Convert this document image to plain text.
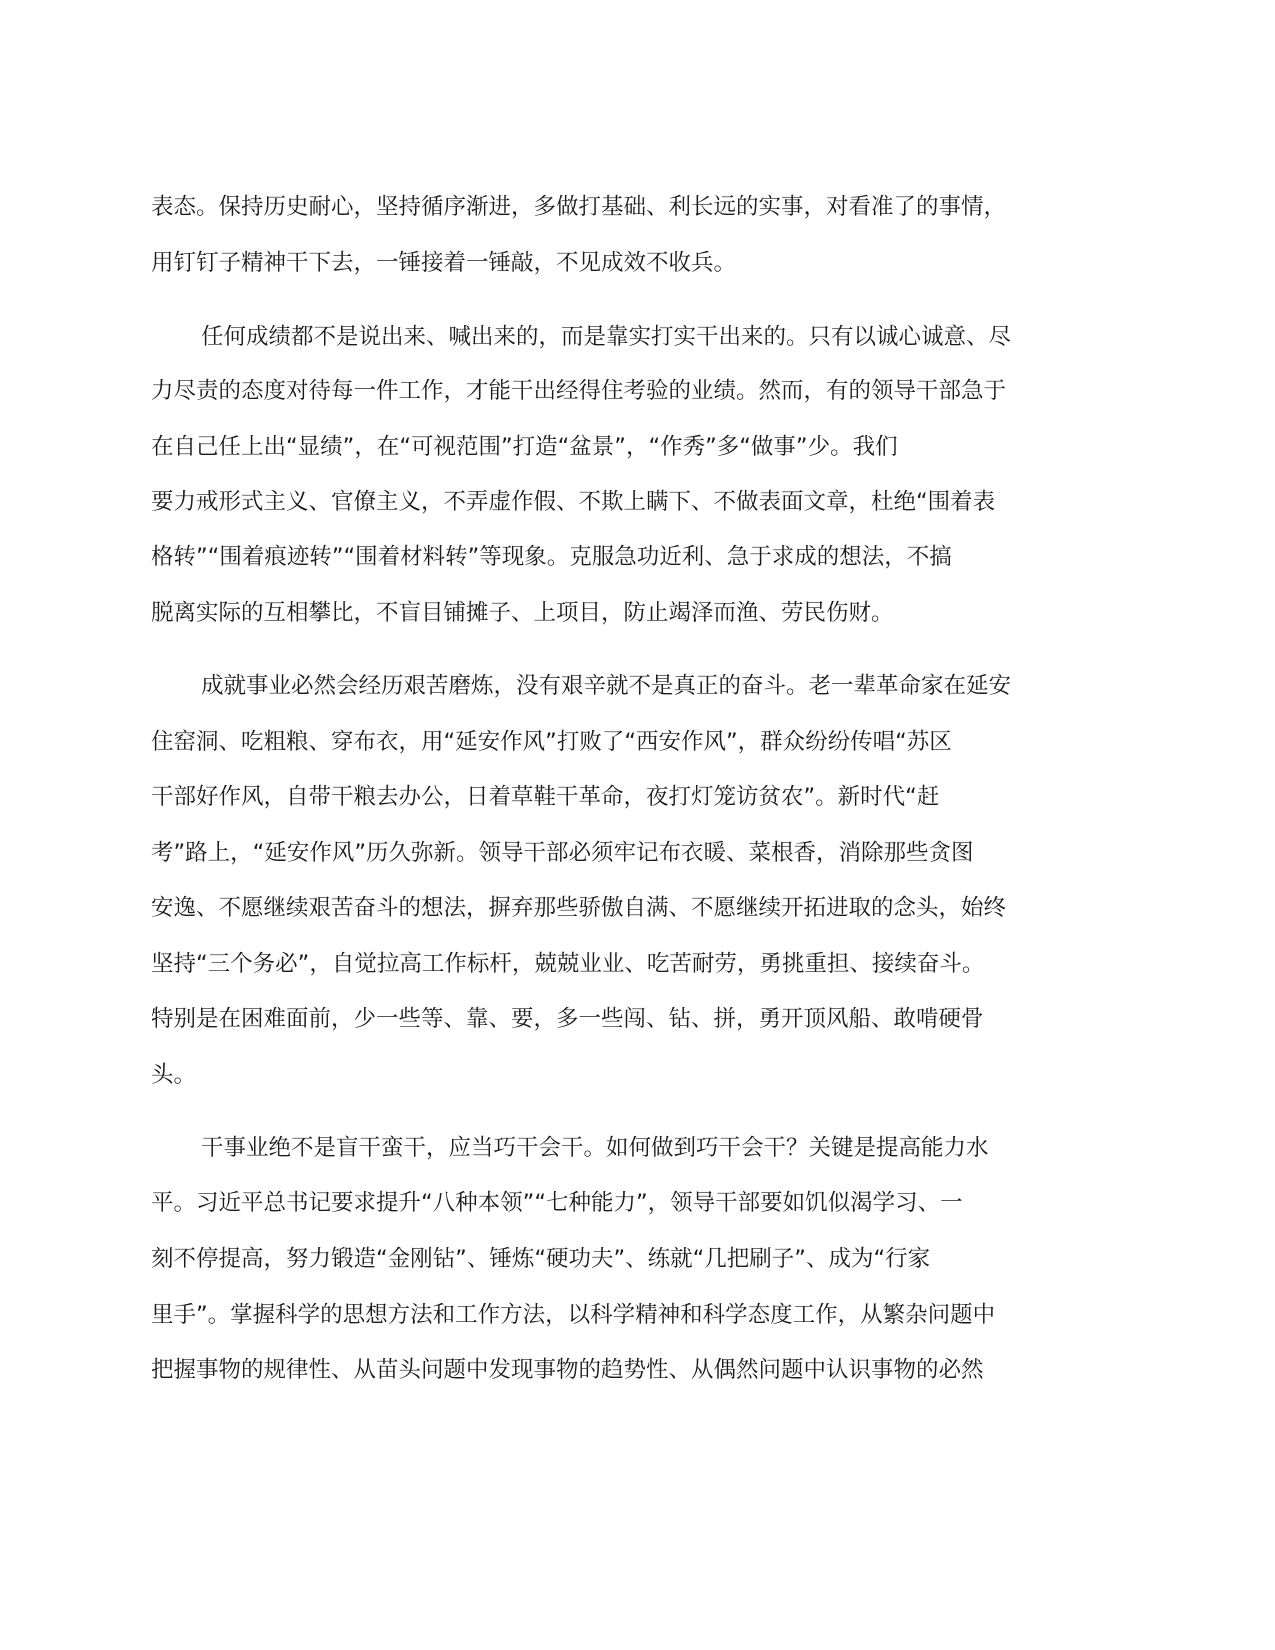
表态。保持历史耐心，坚持循序渐进，多做打基础、利长远的实事，对看准了的事情，
用钉钉子精神干下去，一锤接着一锤敲，不见成效不收兵。
任何成绩都不是说出来、喊出来的，而是靠实打实干出来的。只有以诚心诚意、尽
力尽责的态度对待每一件工作，才能干出经得住考验的业绩。然而，有的领导干部急于
在自己任上出“显绩”，在“可视范围”打造“盆景”，“作秀”多“做事”少。我们
要力戒形式主义、官僚主义，不弄虚作假、不欺上瞒下、不做表面文章，杜绝“围着表
格转”“围着痕迹转”“围着材料转”等现象。克服急功近利、急于求成的想法，不搞
脱离实际的互相攀比，不盲目铺摊子、上项目，防止竭泽而渔、劳民伤财。
成就事业必然会经历艰苦磨炼，没有艰辛就不是真正的奋斗。老一辈革命家在延安
住窑洞、吃粗粮、穿布衣，用“延安作风”打败了“西安作风”，群众纷纷传唱“苏区
干部好作风，自带干粮去办公，日着草鞋干革命，夜打灯笼访贫农”。新时代“赶
考”路上，“延安作风”历久弥新。领导干部必须牢记布衣暖、菜根香，消除那些贪图
安逸、不愿继续艰苦奋斗的想法，摒弃那些骄傲自满、不愿继续开拓进取的念头，始终
坚持“三个务必”，自觉拉高工作标杆，兢兢业业、吃苦耐劳，勇挑重担、接续奋斗。
特别是在困难面前，少一些等、靠、要，多一些闯、钻、拼，勇开顶风船、敢啃硬骨
头。
干事业绝不是盲干蛮干，应当巧干会干。如何做到巧干会干？关键是提高能力水
平。习近平总书记要求提升“八种本领”“七种能力”，领导干部要如饥似渴学习、一
刻不停提高，努力锻造“金刚钻”、锤炼“硬功夫”、练就“几把刷子”、成为“行家
里手”。掌握科学的思想方法和工作方法，以科学精神和科学态度工作，从繁杂问题中
把握事物的规律性、从苗头问题中发现事物的趋势性、从偶然问题中认识事物的必然
